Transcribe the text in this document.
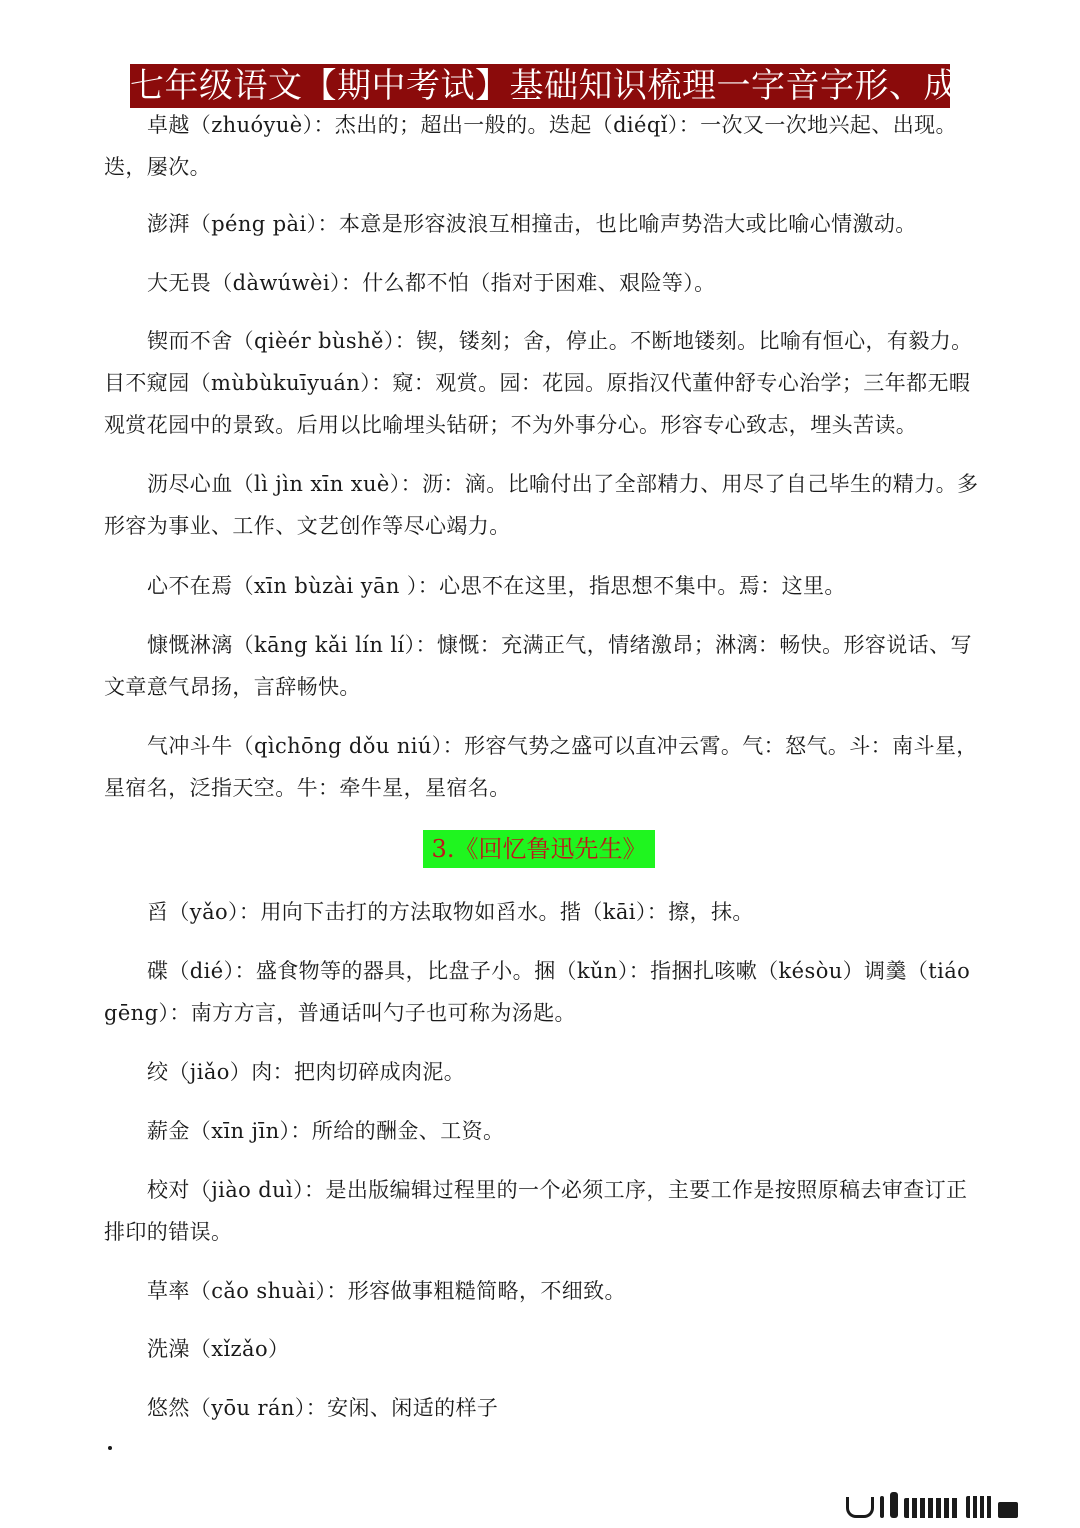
七年级语文【期中考试】基础知识梳理一字音字形、成语

卓越（zhuóyuè）：杰出的；超出一般的。迭起（diéqǐ）：一次又一次地兴起、出现。迭，屡次。

澎湃（péng pài）：本意是形容波浪互相撞击，也比喻声势浩大或比喻心情激动。

大无畏（dàwúwèi）：什么都不怕（指对于困难、艰险等）。

锲而不舍（qièér bùshě）：锲，镂刻；舍，停止。不断地镂刻。比喻有恒心，有毅力。目不窥园（mùbùkuīyuán）：窥：观赏。园：花园。原指汉代董仲舒专心治学；三年都无暇观赏花园中的景致。后用以比喻埋头钻研；不为外事分心。形容专心致志，埋头苦读。

沥尽心血（lì jìn xīn xuè）：沥：滴。比喻付出了全部精力、用尽了自己毕生的精力。多形容为事业、工作、文艺创作等尽心竭力。

心不在焉（xīn bùzài yān ）：心思不在这里，指思想不集中。焉：这里。

慷慨淋漓（kāng kǎi lín lí）：慷慨：充满正气，情绪激昂；淋漓：畅快。形容说话、写文章意气昂扬，言辞畅快。

气冲斗牛（qìchōng dǒu niú）：形容气势之盛可以直冲云霄。气：怒气。斗：南斗星，星宿名，泛指天空。牛：牵牛星，星宿名。

3.《回忆鲁迅先生》

舀（yǎo）：用向下击打的方法取物如舀水。揩（kāi）：擦，抹。

碟（dié）：盛食物等的器具，比盘子小。捆（kǔn）：指捆扎咳嗽（késòu）调羹（tiáo gēng）：南方方言，普通话叫勺子也可称为汤匙。

绞（jiǎo）肉：把肉切碎成肉泥。

薪金（xīn jīn）：所给的酬金、工资。

校对（jiào duì）：是出版编辑过程里的一个必须工序，主要工作是按照原稿去审查订正排印的错误。

草率（cǎo shuài）：形容做事粗糙简略，不细致。

洗澡（xǐzǎo）

悠然（yōu rán）：安闲、闲适的样子
